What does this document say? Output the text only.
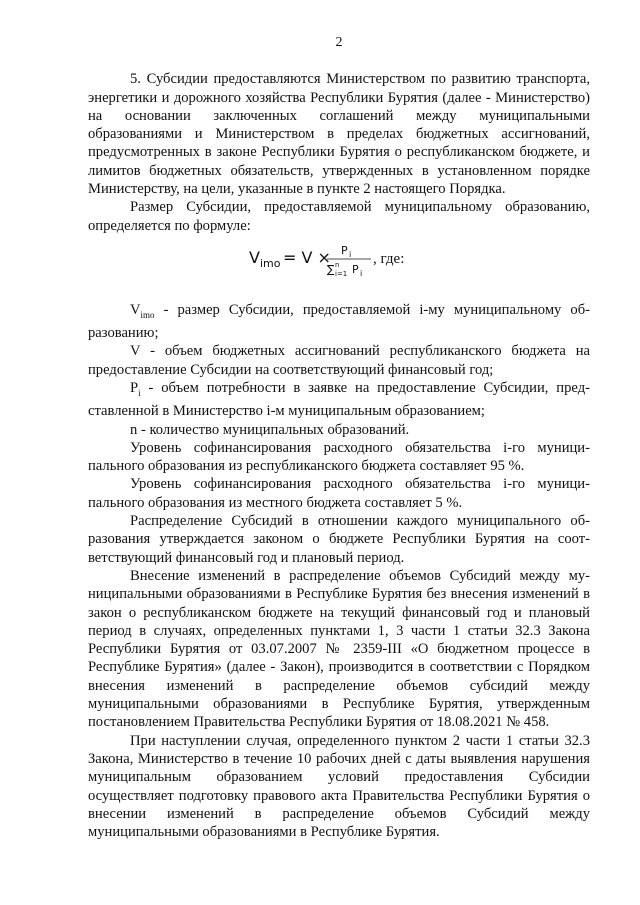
2

5. Субсидии предоставляются Министерством по развитию транспорта, энергетики и дорожного хозяйства Республики Бурятия (далее - Министерство) на основании заключенных соглашений между муниципальными образованиями и Министерством в пределах бюджетных ассигнований, предусмотренных в законе Республики Бурятия о республиканском бюджете, и лимитов бюджетных обязательств, утвержденных в установленном порядке Министерству, на цели, указанные в пункте 2 настоящего Порядка.

Размер Субсидии, предоставляемой муниципальному образованию, определяется по формуле:

V imo = V × P i
∑ n
i=1 P i
, где:

$V_{imo}$ - размер Субсидии, предоставляемой i-му муниципальному образованию;

V - объем бюджетных ассигнований республиканского бюджета на предоставление Субсидии на соответствующий финансовый год;

$P_i$ - объем потребности в заявке на предоставление Субсидии, представленной в Министерство i-м муниципальным образованием;

n - количество муниципальных образований.

Уровень софинансирования расходного обязательства i-го муниципального образования из республиканского бюджета составляет 95 %.

Уровень софинансирования расходного обязательства i-го муниципального образования из местного бюджета составляет 5 %.

Распределение Субсидий в отношении каждого муниципального образования утверждается законом о бюджете Республики Бурятия на соответствующий финансовый год и плановый период.

Внесение изменений в распределение объемов Субсидий между муниципальными образованиями в Республике Бурятия без внесения изменений в закон о республиканском бюджете на текущий финансовый год и плановый период в случаях, определенных пунктами 1, 3 части 1 статьи 32.3 Закона Республики Бурятия от 03.07.2007 № 2359-III «О бюджетном процессе в Республике Бурятия» (далее - Закон), производится в соответствии с Порядком внесения изменений в распределение объемов субсидий между муниципальными образованиями в Республике Бурятия, утвержденным постановлением Правительства Республики Бурятия от 18.08.2021 № 458.

При наступлении случая, определенного пунктом 2 части 1 статьи 32.3 Закона, Министерство в течение 10 рабочих дней с даты выявления нарушения муниципальным образованием условий предоставления Субсидии осуществляет подготовку правового акта Правительства Республики Бурятия о внесении изменений в распределение объемов Субсидий между муниципальными образованиями в Республике Бурятия.
